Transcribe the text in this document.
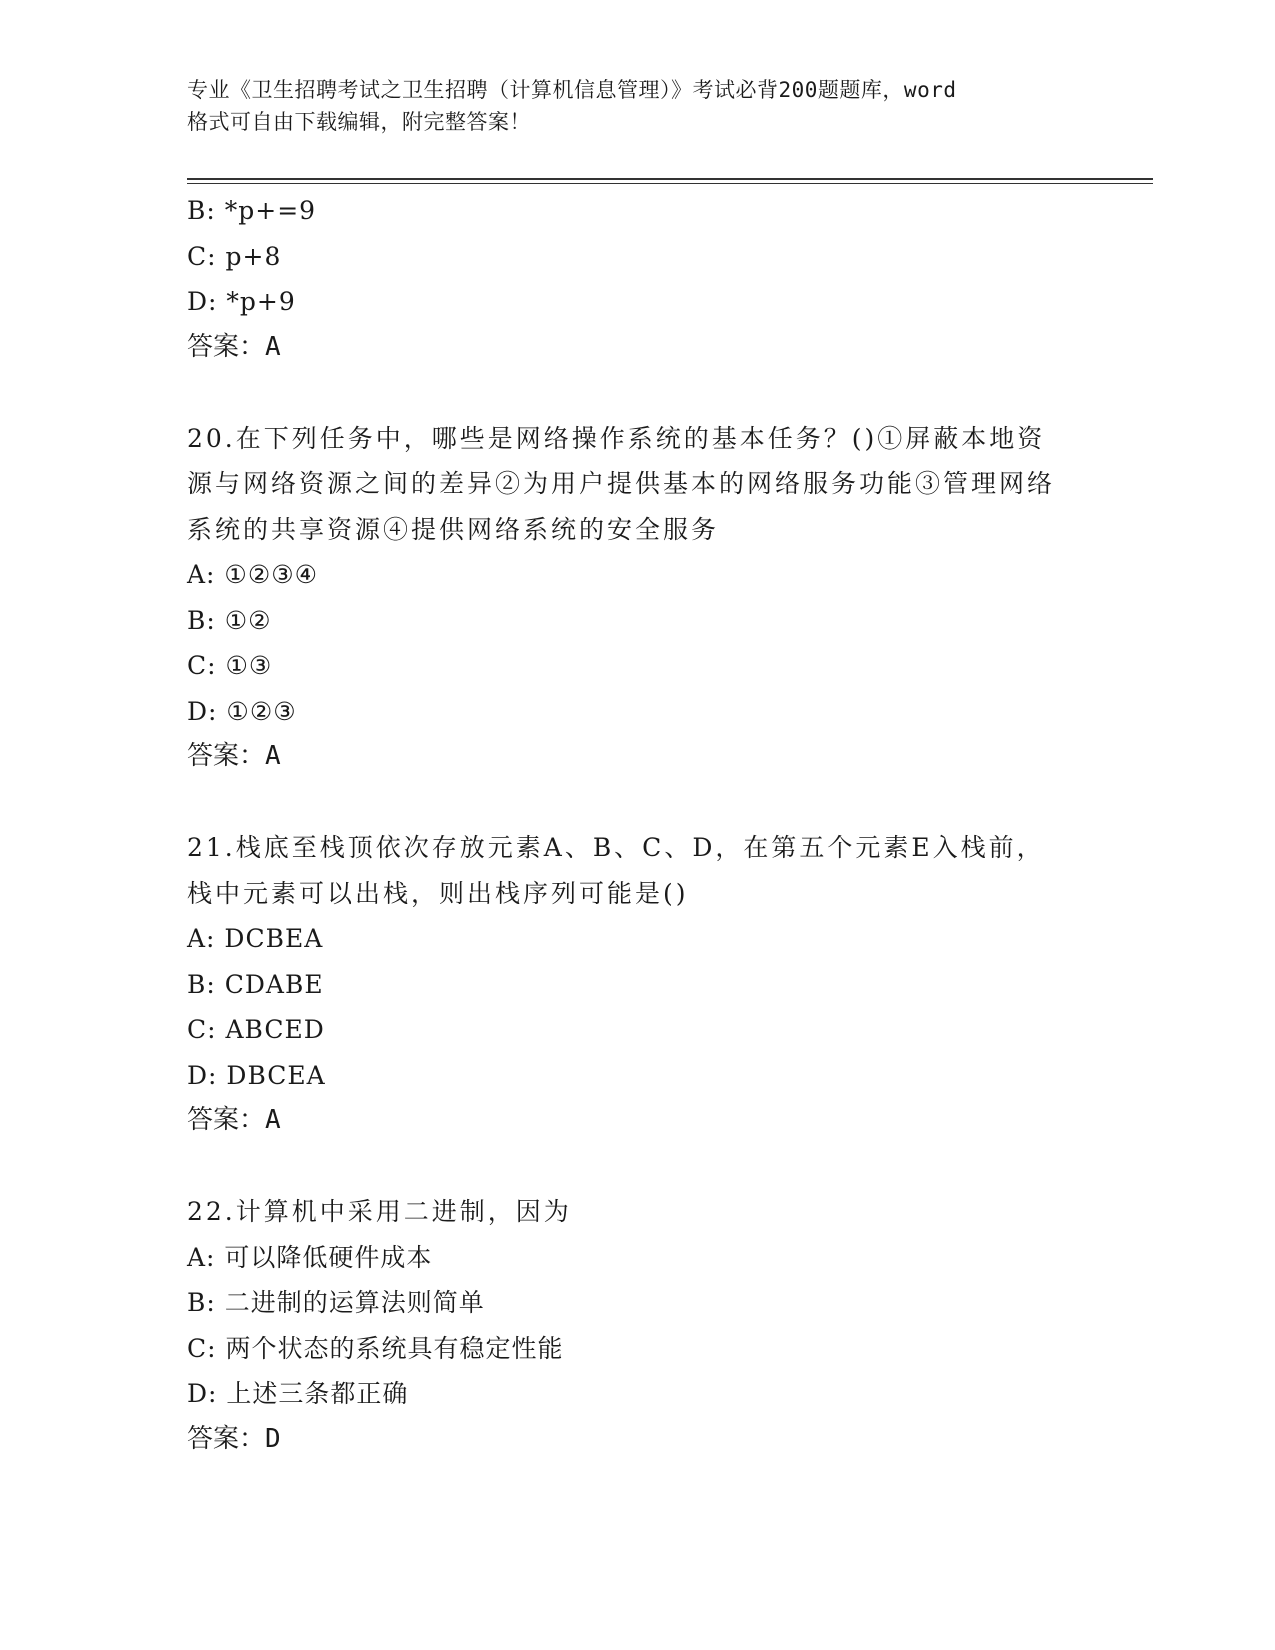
专业《卫生招聘考试之卫生招聘（计算机信息管理）》考试必背200题题库，word
格式可自由下载编辑，附完整答案！
B: *p+=9
C: p+8
D: *p+9
答案：A
20.在下列任务中，哪些是网络操作系统的基本任务？()①屏蔽本地资源与网络资源之间的差异②为用户提供基本的网络服务功能③管理网络系统的共享资源④提供网络系统的安全服务
A: ①②③④
B: ①②
C: ①③
D: ①②③
答案：A
21.栈底至栈顶依次存放元素A、B、C、D，在第五个元素E入栈前，栈中元素可以出栈，则出栈序列可能是()
A: DCBEA
B: CDABE
C: ABCED
D: DBCEA
答案：A
22.计算机中采用二进制，因为
A: 可以降低硬件成本
B: 二进制的运算法则简单
C: 两个状态的系统具有稳定性能
D: 上述三条都正确
答案：D
